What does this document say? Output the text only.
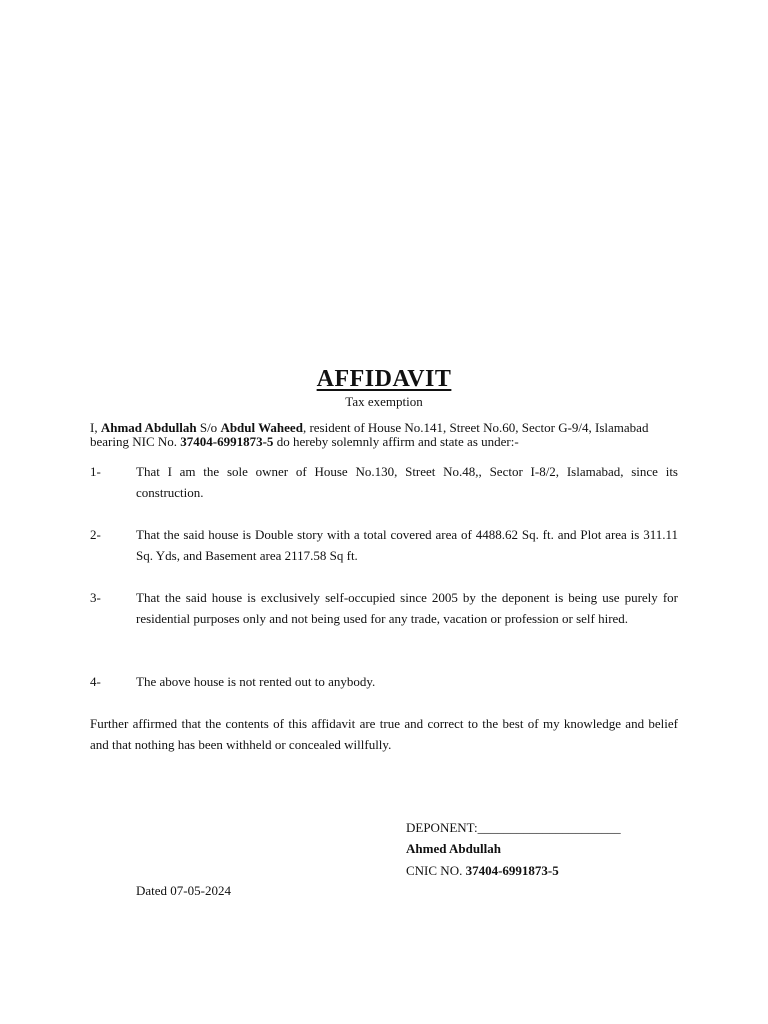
AFFIDAVIT
Tax exemption
I, Ahmad Abdullah S/o Abdul Waheed, resident of House No.141, Street No.60, Sector G-9/4, Islamabad bearing NIC No. 37404-6991873-5 do hereby solemnly affirm and state as under:-
1-	That I am the sole owner of House No.130, Street No.48,, Sector I-8/2, Islamabad, since its construction.
2-	That the said house is Double story with a total covered area of 4488.62 Sq. ft. and Plot area is 311.11 Sq. Yds, and Basement area 2117.58 Sq ft.
3-	That the said house is exclusively self-occupied since 2005 by the deponent is being use purely for residential purposes only and not being used for any trade, vacation or profession or self hired.
4-	The above house is not rented out to anybody.
Further affirmed that the contents of this affidavit are true and correct to the best of my knowledge and belief and that nothing has been withheld or concealed willfully.
DEPONENT:______________________
Ahmed Abdullah
CNIC NO. 37404-6991873-5
Dated 07-05-2024
